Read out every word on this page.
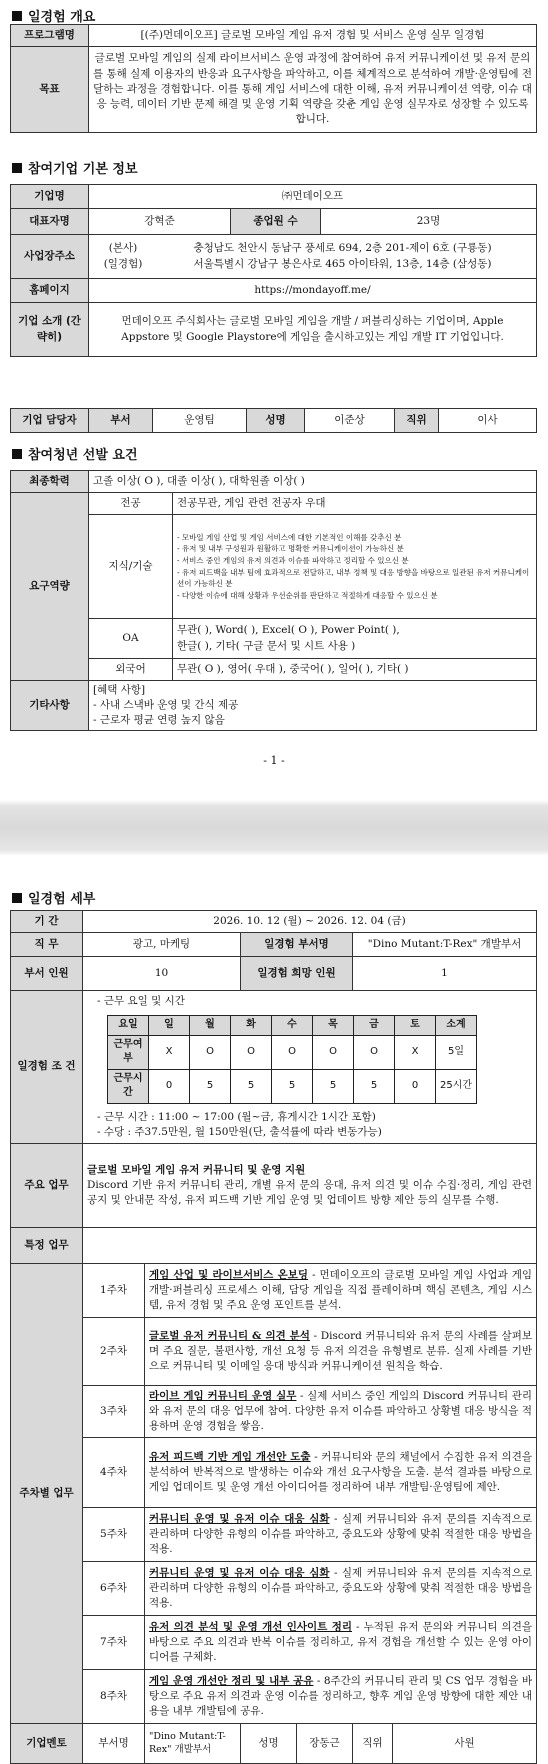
일경험 개요
프로그램명	[(주)먼데이오프] 글로벌 모바일 게임 유저 경험 및 서비스 운영 실무 일경험
목표	글로벌 모바일 게임의 실제 라이브서비스 운영 과정에 참여하여 유저 커뮤니케이션 및 유저 문의를 통해 실제 이용자의 반응과 요구사항을 파악하고, 이를 체계적으로 분석하여 개발·운영팀에 전달하는 과정을 경험합니다. 이를 통해 게임 서비스에 대한 이해, 유저 커뮤니케이션 역량, 이슈 대응 능력, 데이터 기반 문제 해결 및 운영 기획 역량을 갖춘 게임 운영 실무자로 성장할 수 있도록 합니다.
참여기업 기본 정보
기업명	㈜먼데이오프		
대표자명	강혁준	종업원 수	23명
사업장주소	(본사) 충청남도 천안시 동남구 풍세로 694, 2층 201-제이 6호 (구룡동)
(일경험) 서울특별시 강남구 봉은사로 465 아이타워, 13층, 14층 (삼성동)		

홈페이지	https://mondayoff.me/		
기업 소개 (간략히)	먼데이오프 주식회사는 글로벌 모바일 게임을 개발 / 퍼블리싱하는 기업이며, Apple Appstore 및 Google Playstore에 게임을 출시하고있는 게임 개발 IT 기업입니다.		
기업 담당자	부서	운영팀	성명	이준상	직위	이사
참여청년 선발 요건
최종학력	고졸 이상( O ), 대졸 이상( ), 대학원졸 이상( )	
요구역량	전공	전공무관, 게임 관련 전공자 우대
	지식/기술	- 모바일 게임 산업 및 게임 서비스에 대한 기본적인 이해를 갖추신 분
- 유저 및 내부 구성원과 원활하고 명확한 커뮤니케이션이 가능하신 분
- 서비스 중인 게임의 유저 의견과 이슈를 파악하고 정리할 수 있으신 분
- 유저 피드백을 내부 팀에 효과적으로 전달하고, 내부 정책 및 대응 방향을 바탕으로 일관된 유저 커뮤니케이션이 가능하신 분
- 다양한 이슈에 대해 상황과 우선순위를 판단하고 적절하게 대응할 수 있으신 분

	OA	무관( ), Word( ), Excel( O ), Power Point( ),
한글( ), 기타( 구글 문서 및 시트 사용 )

	외국어	무관( O ), 영어( 우대 ), 중국어( ), 일어( ), 기타( )
기타사항	[혜택 사항]
- 사내 스낵바 운영 및 간식 제공
- 근로자 평균 연령 높지 않음	
- 1 -
일경험 세부
기 간	2026. 10. 12 (월) ~ 2026. 12. 04 (금)
직 무	광고, 마케팅	일경험 부서명	"Dino Mutant:T-Rex" 개발부서
부서 인원	10	일경험 희망 인원	1
일경험 조 건	
- 근무 요일 및 시간
요일	일	월	화	수	목	금	토	소계
근무여부	X	O	O	O	O	O	X	5일
근무시간	0	5	5	5	5	5	0	25시간
- 근무 시간 : 11:00 ~ 17:00 (월~금, 휴게시간 1시간 포함)
- 수당 : 주37.5만원, 월 150만원(단, 출석률에 따라 변동가능)

주요 업무	
글로벌 모바일 게임 유저 커뮤니티 및 운영 지원
Discord 기반 유저 커뮤니티 관리, 개별 유저 문의 응대, 유저 의견 및 이슈 수집·정리, 게임 관련 공지 및 안내문 작성, 유저 피드백 기반 게임 운영 및 업데이트 방향 제안 등의 실무를 수행.

특정 업무	
주차별 업무	1주차	게임 산업 및 라이브서비스 온보딩 - 먼데이오프의 글로벌 모바일 게임 사업과 게임 개발·퍼블리싱 프로세스 이해, 담당 게임을 직접 플레이하며 핵심 콘텐츠, 게임 시스템, 유저 경험 및 주요 운영 포인트를 분석.
2주차	글로벌 유저 커뮤니티 & 의견 분석 - Discord 커뮤니티와 유저 문의 사례를 살펴보며 주요 질문, 불편사항, 개선 요청 등 유저 의견을 유형별로 분류. 실제 사례를 기반으로 커뮤니티 및 이메일 응대 방식과 커뮤니케이션 원칙을 학습.
3주차	라이브 게임 커뮤니티 운영 실무 - 실제 서비스 중인 게임의 Discord 커뮤니티 관리와 유저 문의 대응 업무에 참여. 다양한 유저 이슈를 파악하고 상황별 대응 방식을 적용하며 운영 경험을 쌓음.
4주차	유저 피드백 기반 게임 개선안 도출 - 커뮤니티와 문의 채널에서 수집한 유저 의견을 분석하여 반복적으로 발생하는 이슈와 개선 요구사항을 도출. 분석 결과를 바탕으로 게임 업데이트 및 운영 개선 아이디어를 정리하여 내부 개발팀·운영팀에 제안.
5주차	커뮤니티 운영 및 유저 이슈 대응 심화 - 실제 커뮤니티와 유저 문의를 지속적으로 관리하며 다양한 유형의 이슈를 파악하고, 중요도와 상황에 맞춰 적절한 대응 방법을 적용.
6주차	커뮤니티 운영 및 유저 이슈 대응 심화 - 실제 커뮤니티와 유저 문의를 지속적으로 관리하며 다양한 유형의 이슈를 파악하고, 중요도와 상황에 맞춰 적절한 대응 방법을 적용.
7주차	유저 의견 분석 및 운영 개선 인사이트 정리 - 누적된 유저 문의와 커뮤니티 의견을 바탕으로 주요 의견과 반복 이슈를 정리하고, 유저 경험을 개선할 수 있는 운영 아이디어를 구체화.
8주차	게임 운영 개선안 정리 및 내부 공유 - 8주간의 커뮤니티 관리 및 CS 업무 경험을 바탕으로 주요 유저 의견과 운영 이슈를 정리하고, 향후 게임 운영 방향에 대한 제안 내용을 내부 개발팀에 공유.
기업멘토	부서명	"Dino Mutant:T-Rex" 개발부서	성명	장동근	직위	사원
